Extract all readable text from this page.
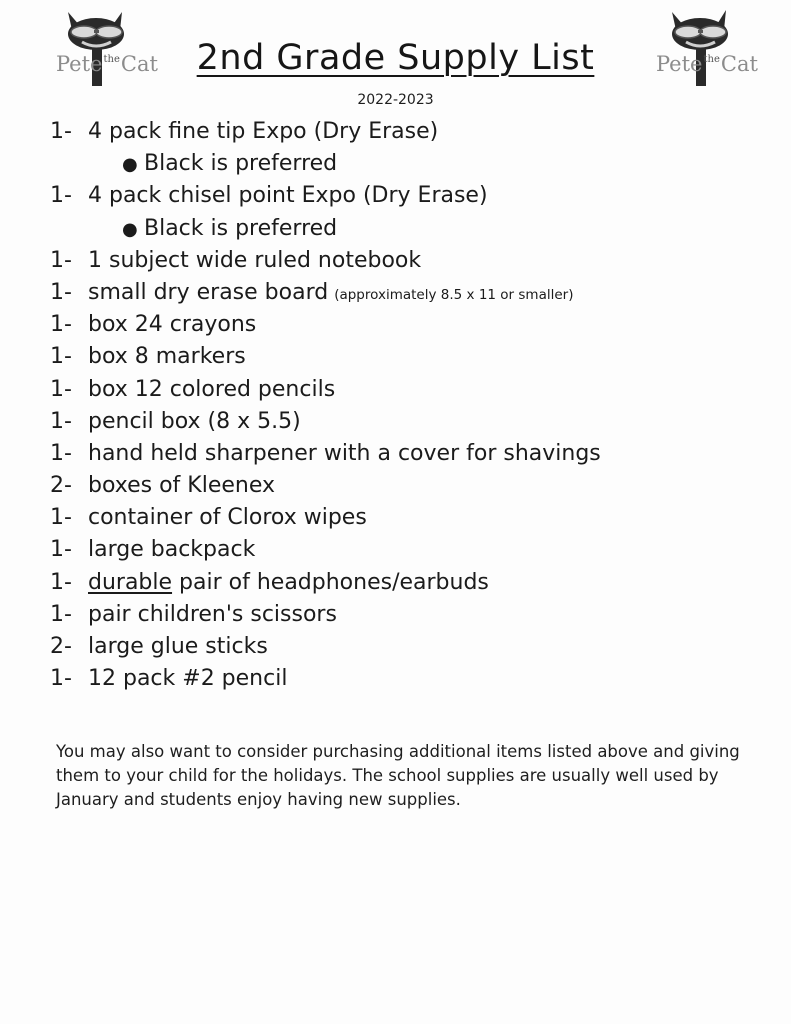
Pete$^{the}$Cat	Pete$^{the}$Cat
2nd Grade Supply List
2022-2023
1- 4 pack fine tip Expo (Dry Erase)
● Black is preferred
1- 4 pack chisel point Expo (Dry Erase)
● Black is preferred
1- 1 subject wide ruled notebook
1- small dry erase board (approximately 8.5 x 11 or smaller)
1- box 24 crayons
1- box 8 markers
1- box 12 colored pencils
1- pencil box (8 x 5.5)
1- hand held sharpener with a cover for shavings
2- boxes of Kleenex
1- container of Clorox wipes
1- large backpack
1- durable pair of headphones/earbuds
1- pair children's scissors
2- large glue sticks
1- 12 pack #2 pencil

You may also want to consider purchasing additional items listed above and giving them to your child for the holidays. The school supplies are usually well used by January and students enjoy having new supplies.
